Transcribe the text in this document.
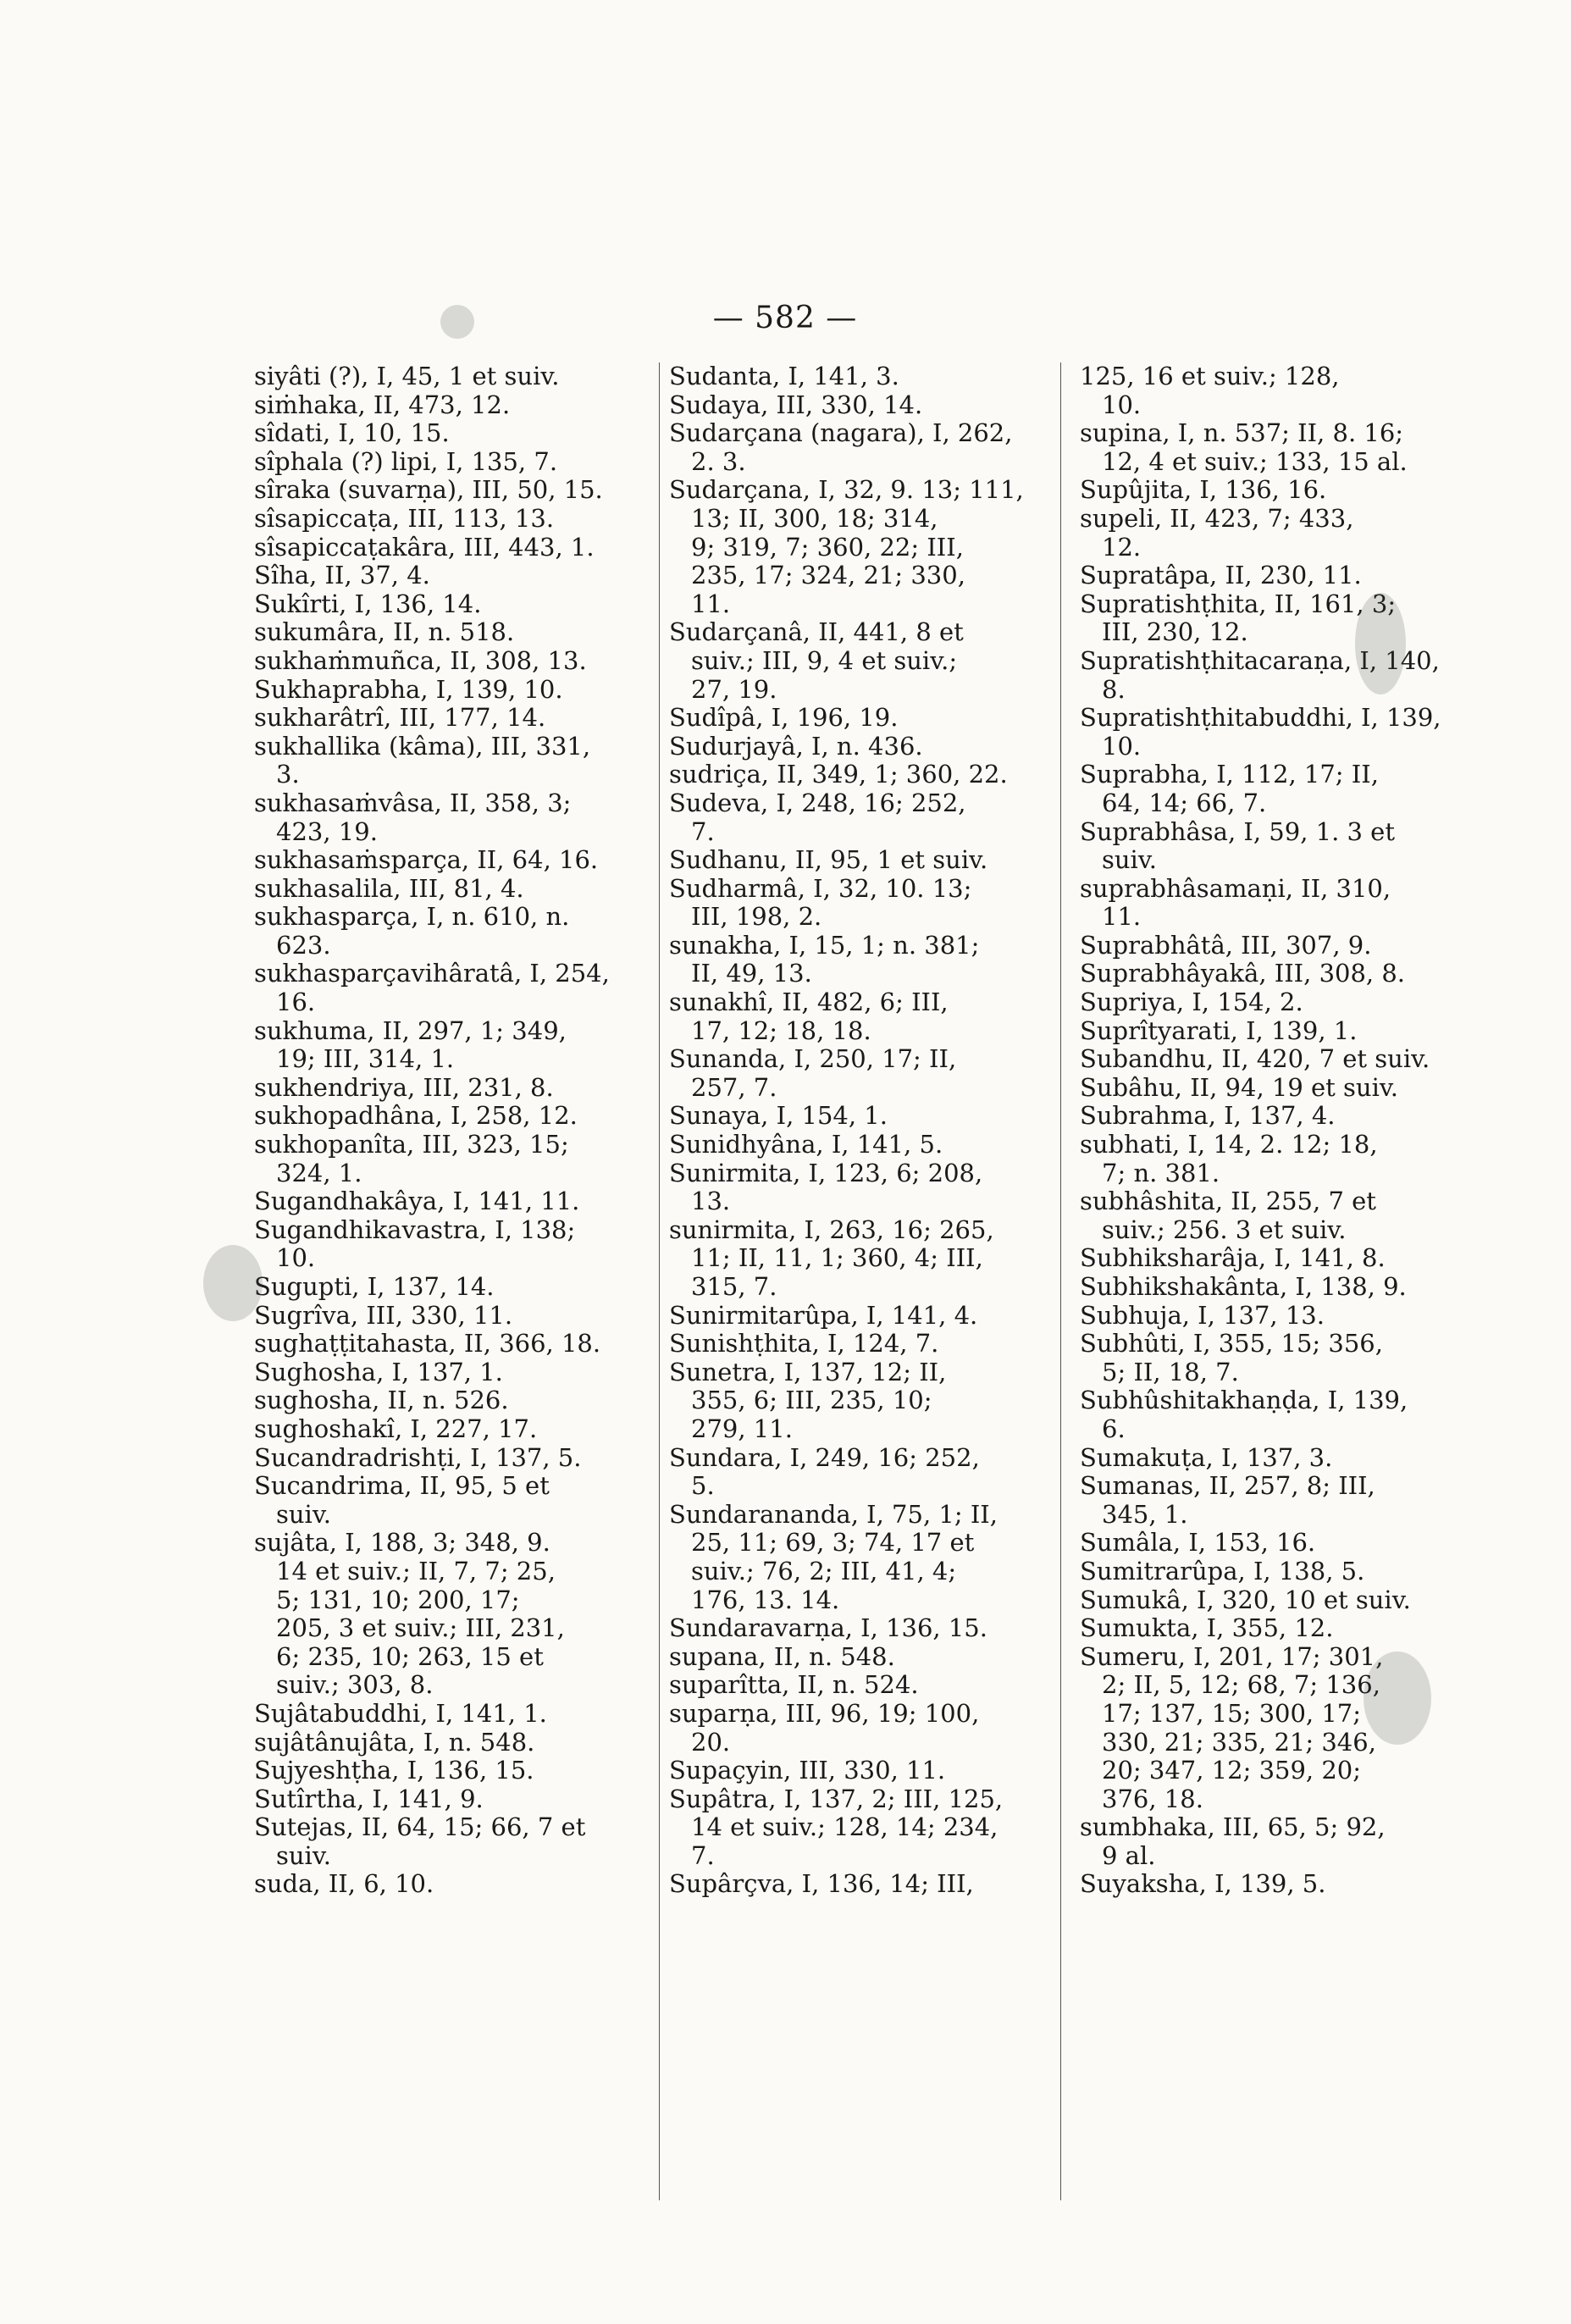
— 582 —
siyâti (?), I, 45, 1 et suiv.
siṁhaka, II, 473, 12.
sîdati, I, 10, 15.
sîphala (?) lipi, I, 135, 7.
sîraka (suvarṇa), III, 50, 15.
sîsapiccaṭa, III, 113, 13.
sîsapiccaṭakâra, III, 443, 1.
Sîha, II, 37, 4.
Sukîrti, I, 136, 14.
sukumâra, II, n. 518.
sukhaṁmuñca, II, 308, 13.
Sukhaprabha, I, 139, 10.
sukharâtrî, III, 177, 14.
sukhallika (kâma), III, 331,
3.
sukhasaṁvâsa, II, 358, 3;
423, 19.
sukhasaṁsparça, II, 64, 16.
sukhasalila, III, 81, 4.
sukhasparça, I, n. 610, n.
623.
sukhasparçavihâratâ, I, 254,
16.
sukhuma, II, 297, 1; 349,
19; III, 314, 1.
sukhendriya, III, 231, 8.
sukhopadhâna, I, 258, 12.
sukhopanîta, III, 323, 15;
324, 1.
Sugandhakâya, I, 141, 11.
Sugandhikavastra, I, 138;
10.
Sugupti, I, 137, 14.
Sugrîva, III, 330, 11.
sughaṭṭitahasta, II, 366, 18.
Sughosha, I, 137, 1.
sughosha, II, n. 526.
sughoshakî, I, 227, 17.
Sucandradrishṭi, I, 137, 5.
Sucandrima, II, 95, 5 et
suiv.
sujâta, I, 188, 3; 348, 9.
14 et suiv.; II, 7, 7; 25,
5; 131, 10; 200, 17;
205, 3 et suiv.; III, 231,
6; 235, 10; 263, 15 et
suiv.; 303, 8.
Sujâtabuddhi, I, 141, 1.
sujâtânujâta, I, n. 548.
Sujyeshṭha, I, 136, 15.
Sutîrtha, I, 141, 9.
Sutejas, II, 64, 15; 66, 7 et
suiv.
suda, II, 6, 10.
Sudanta, I, 141, 3.
Sudaya, III, 330, 14.
Sudarçana (nagara), I, 262,
2. 3.
Sudarçana, I, 32, 9. 13; 111,
13; II, 300, 18; 314,
9; 319, 7; 360, 22; III,
235, 17; 324, 21; 330,
11.
Sudarçanâ, II, 441, 8 et
suiv.; III, 9, 4 et suiv.;
27, 19.
Sudîpâ, I, 196, 19.
Sudurjayâ, I, n. 436.
sudriça, II, 349, 1; 360, 22.
Sudeva, I, 248, 16; 252,
7.
Sudhanu, II, 95, 1 et suiv.
Sudharmâ, I, 32, 10. 13;
III, 198, 2.
sunakha, I, 15, 1; n. 381;
II, 49, 13.
sunakhî, II, 482, 6; III,
17, 12; 18, 18.
Sunanda, I, 250, 17; II,
257, 7.
Sunaya, I, 154, 1.
Sunidhyâna, I, 141, 5.
Sunirmita, I, 123, 6; 208,
13.
sunirmita, I, 263, 16; 265,
11; II, 11, 1; 360, 4; III,
315, 7.
Sunirmitarûpa, I, 141, 4.
Sunishṭhita, I, 124, 7.
Sunetra, I, 137, 12; II,
355, 6; III, 235, 10;
279, 11.
Sundara, I, 249, 16; 252,
5.
Sundarananda, I, 75, 1; II,
25, 11; 69, 3; 74, 17 et
suiv.; 76, 2; III, 41, 4;
176, 13. 14.
Sundaravarṇa, I, 136, 15.
supana, II, n. 548.
suparîtta, II, n. 524.
suparṇa, III, 96, 19; 100,
20.
Supaçyin, III, 330, 11.
Supâtra, I, 137, 2; III, 125,
14 et suiv.; 128, 14; 234,
7.
Supârçva, I, 136, 14; III,
125, 16 et suiv.; 128,
10.
supina, I, n. 537; II, 8. 16;
12, 4 et suiv.; 133, 15 al.
Supûjita, I, 136, 16.
supeli, II, 423, 7; 433,
12.
Supratâpa, II, 230, 11.
Supratishṭhita, II, 161, 3;
III, 230, 12.
Supratishṭhitacaraṇa, I, 140,
8.
Supratishṭhitabuddhi, I, 139,
10.
Suprabha, I, 112, 17; II,
64, 14; 66, 7.
Suprabhâsa, I, 59, 1. 3 et
suiv.
suprabhâsamaṇi, II, 310,
11.
Suprabhâtâ, III, 307, 9.
Suprabhâyakâ, III, 308, 8.
Supriya, I, 154, 2.
Suprîtyarati, I, 139, 1.
Subandhu, II, 420, 7 et suiv.
Subâhu, II, 94, 19 et suiv.
Subrahma, I, 137, 4.
subhati, I, 14, 2. 12; 18,
7; n. 381.
subhâshita, II, 255, 7 et
suiv.; 256. 3 et suiv.
Subhiksharâja, I, 141, 8.
Subhikshakânta, I, 138, 9.
Subhuja, I, 137, 13.
Subhûti, I, 355, 15; 356,
5; II, 18, 7.
Subhûshitakhaṇḍa, I, 139,
6.
Sumakuṭa, I, 137, 3.
Sumanas, II, 257, 8; III,
345, 1.
Sumâla, I, 153, 16.
Sumitrarûpa, I, 138, 5.
Sumukâ, I, 320, 10 et suiv.
Sumukta, I, 355, 12.
Sumeru, I, 201, 17; 301,
2; II, 5, 12; 68, 7; 136,
17; 137, 15; 300, 17;
330, 21; 335, 21; 346,
20; 347, 12; 359, 20;
376, 18.
sumbhaka, III, 65, 5; 92,
9 al.
Suyaksha, I, 139, 5.
